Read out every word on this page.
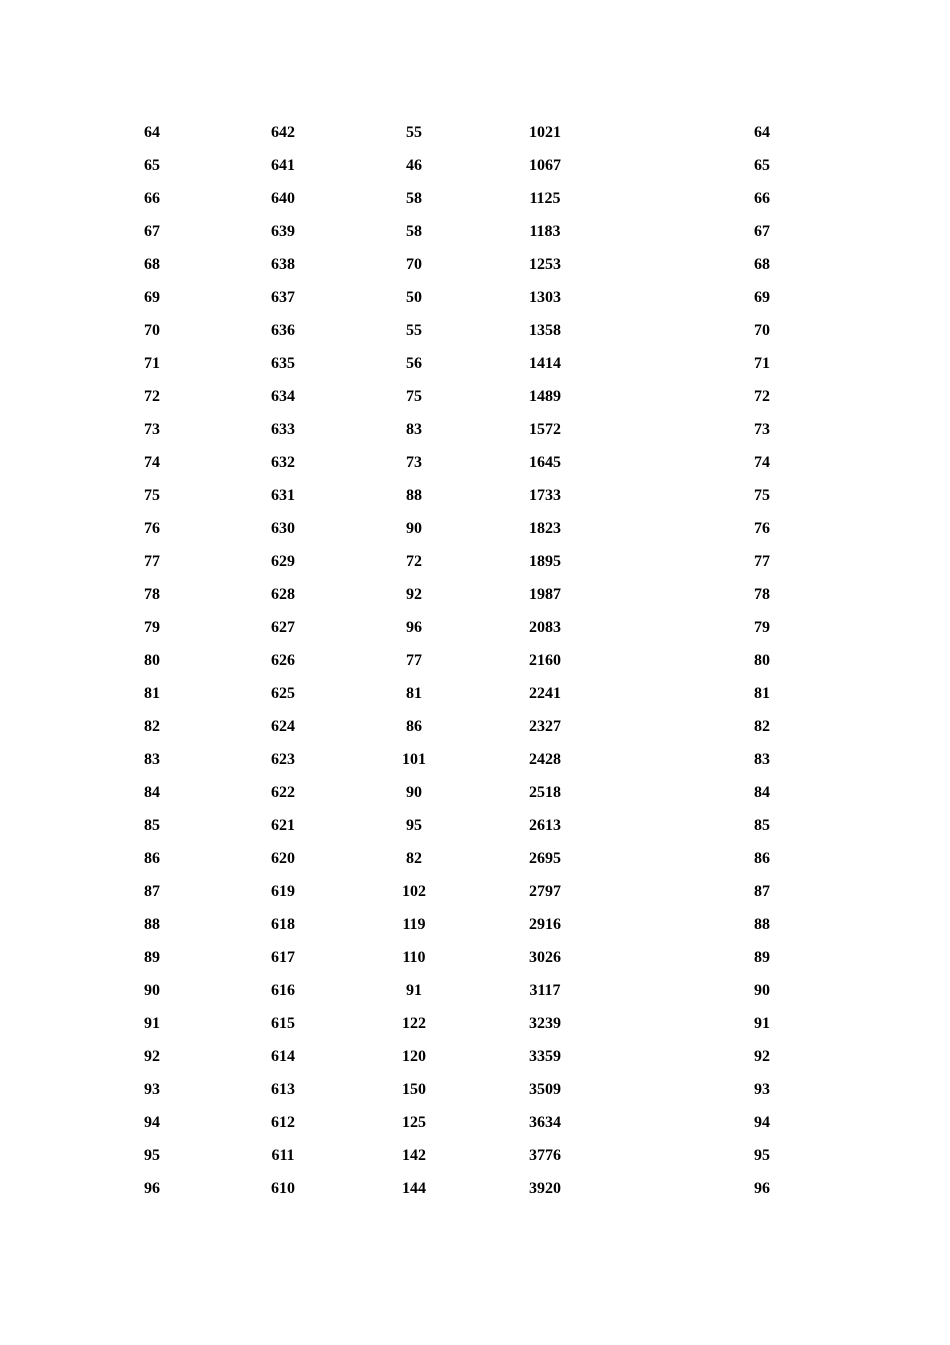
64	642	55	1021	64
65	641	46	1067	65
66	640	58	1125	66
67	639	58	1183	67
68	638	70	1253	68
69	637	50	1303	69
70	636	55	1358	70
71	635	56	1414	71
72	634	75	1489	72
73	633	83	1572	73
74	632	73	1645	74
75	631	88	1733	75
76	630	90	1823	76
77	629	72	1895	77
78	628	92	1987	78
79	627	96	2083	79
80	626	77	2160	80
81	625	81	2241	81
82	624	86	2327	82
83	623	101	2428	83
84	622	90	2518	84
85	621	95	2613	85
86	620	82	2695	86
87	619	102	2797	87
88	618	119	2916	88
89	617	110	3026	89
90	616	91	3117	90
91	615	122	3239	91
92	614	120	3359	92
93	613	150	3509	93
94	612	125	3634	94
95	611	142	3776	95
96	610	144	3920	96
